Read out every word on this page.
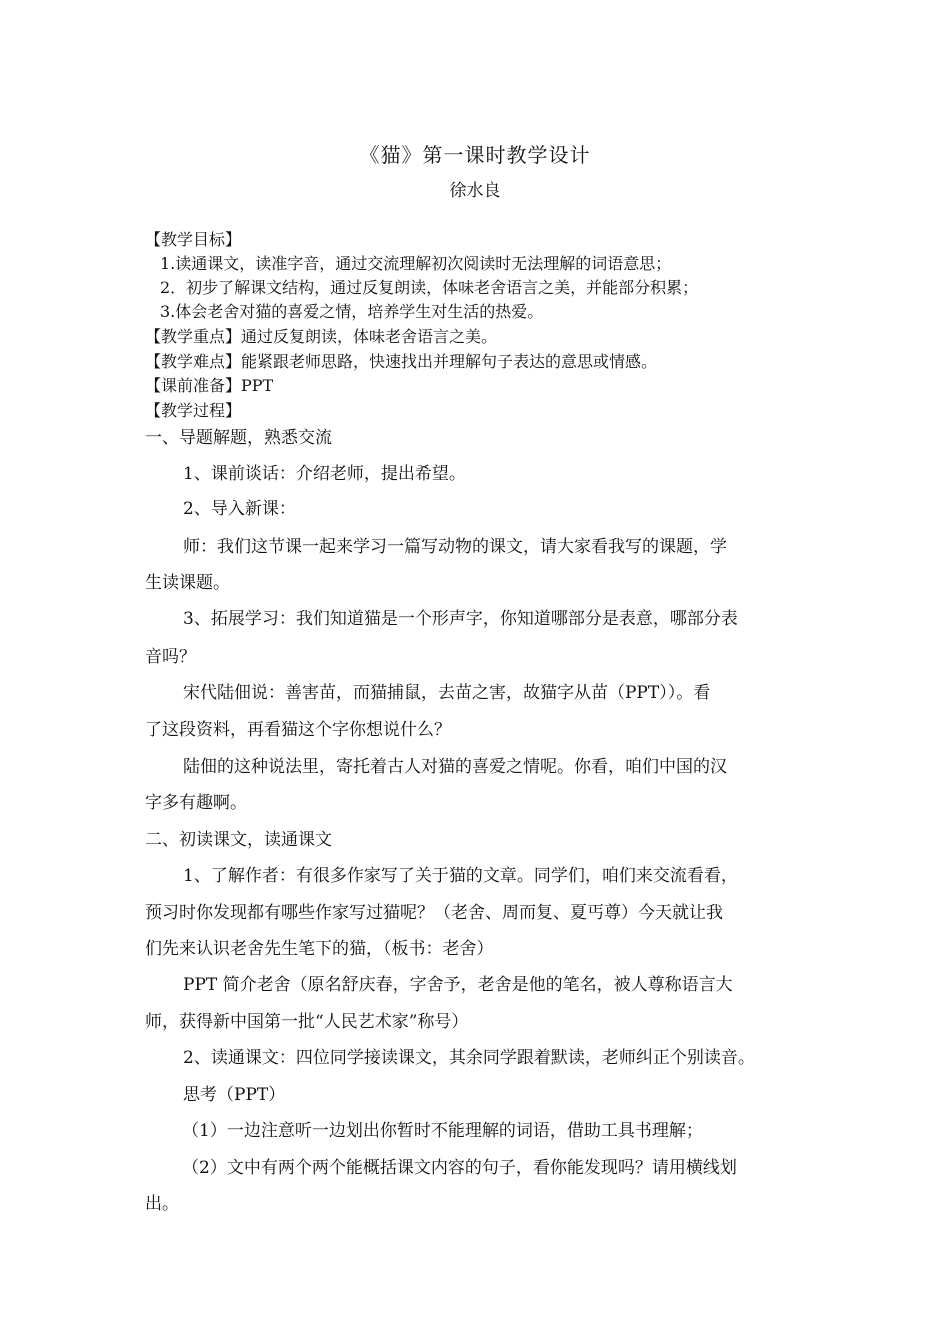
《猫》第一课时教学设计
徐水良
【教学目标】
1.读通课文，读准字音，通过交流理解初次阅读时无法理解的词语意思；
2．初步了解课文结构，通过反复朗读，体味老舍语言之美，并能部分积累；
3.体会老舍对猫的喜爱之情，培养学生对生活的热爱。
【教学重点】通过反复朗读，体味老舍语言之美。
【教学难点】能紧跟老师思路，快速找出并理解句子表达的意思或情感。
【课前准备】PPT
【教学过程】
一、导题解题，熟悉交流
1、课前谈话：介绍老师，提出希望。
2、导入新课：
师：我们这节课一起来学习一篇写动物的课文，请大家看我写的课题，学
生读课题。
3、拓展学习：我们知道猫是一个形声字，你知道哪部分是表意，哪部分表
音吗？
宋代陆佃说：善害苗，而猫捕鼠，去苗之害，故猫字从苗（PPT））。看
了这段资料，再看猫这个字你想说什么？
陆佃的这种说法里，寄托着古人对猫的喜爱之情呢。你看，咱们中国的汉
字多有趣啊。
二、初读课文，读通课文
1、了解作者：有很多作家写了关于猫的文章。同学们，咱们来交流看看，
预习时你发现都有哪些作家写过猫呢？（老舍、周而复、夏丐尊）今天就让我
们先来认识老舍先生笔下的猫，（板书：老舍）
PPT 简介老舍（原名舒庆春，字舍予，老舍是他的笔名，被人尊称语言大
师，获得新中国第一批“人民艺术家”称号）
2、读通课文：四位同学接读课文，其余同学跟着默读，老师纠正个别读音。
思考（PPT）
（1）一边注意听一边划出你暂时不能理解的词语，借助工具书理解；
（2）文中有两个两个能概括课文内容的句子，看你能发现吗？请用横线划
出。
